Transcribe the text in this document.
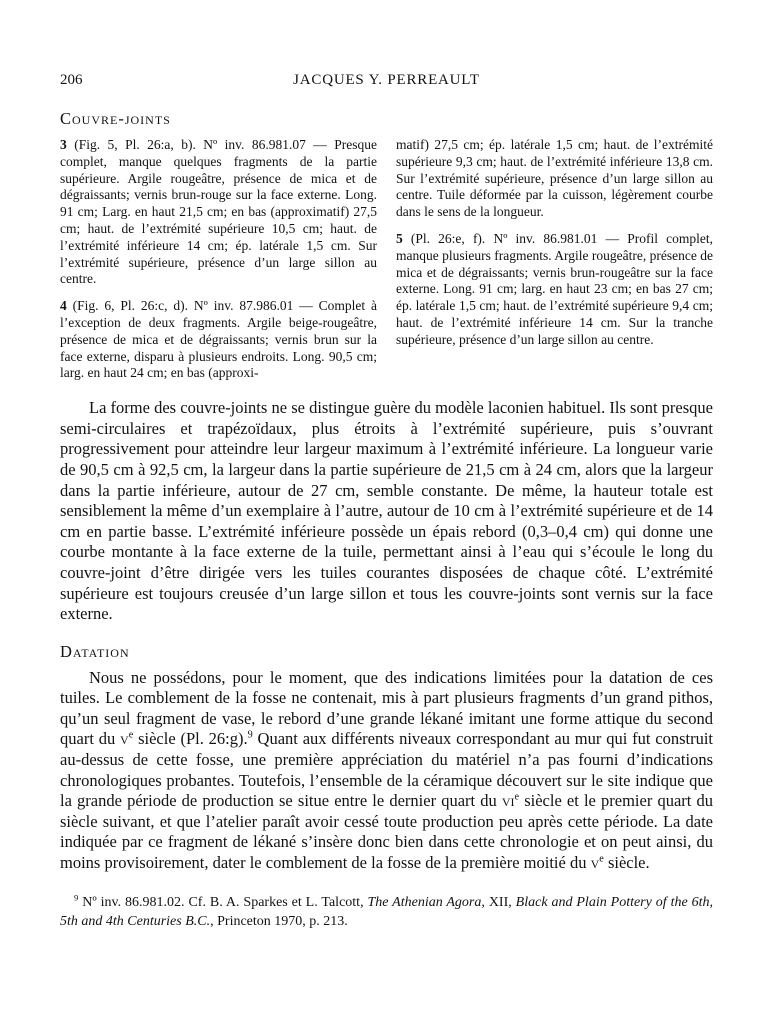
206	JACQUES Y. PERREAULT
Couvre-joints

3 (Fig. 5, Pl. 26:a, b). Nº inv. 86.981.07 — Presque complet, manque quelques fragments de la partie supérieure. Argile rougeâtre, présence de mica et de dégraissants; vernis brun-rouge sur la face externe. Long. 91 cm; Larg. en haut 21,5 cm; en bas (approximatif) 27,5 cm; haut. de l’extrémité supérieure 10,5 cm; haut. de l’extrémité inférieure 14 cm; ép. latérale 1,5 cm. Sur l’extrémité supérieure, présence d’un large sillon au centre.

4 (Fig. 6, Pl. 26:c, d). Nº inv. 87.986.01 — Complet à l’exception de deux fragments. Argile beige-rougeâtre, présence de mica et de dégraissants; vernis brun sur la face externe, disparu à plusieurs endroits. Long. 90,5 cm; larg. en haut 24 cm; en bas (approxi-

matif) 27,5 cm; ép. latérale 1,5 cm; haut. de l’extrémité supérieure 9,3 cm; haut. de l’extrémité inférieure 13,8 cm. Sur l’extrémité supérieure, présence d’un large sillon au centre. Tuile déformée par la cuisson, légèrement courbe dans le sens de la longueur.

5 (Pl. 26:e, f). Nº inv. 86.981.01 — Profil complet, manque plusieurs fragments. Argile rougeâtre, présence de mica et de dégraissants; vernis brun-rougeâtre sur la face externe. Long. 91 cm; larg. en haut 23 cm; en bas 27 cm; ép. latérale 1,5 cm; haut. de l’extrémité supérieure 9,4 cm; haut. de l’extrémité inférieure 14 cm. Sur la tranche supérieure, présence d’un large sillon au centre.

La forme des couvre-joints ne se distingue guère du modèle laconien habituel. Ils sont presque semi-circulaires et trapézoïdaux, plus étroits à l’extrémité supérieure, puis s’ouvrant progressivement pour atteindre leur largeur maximum à l’extrémité inférieure. La longueur varie de 90,5 cm à 92,5 cm, la largeur dans la partie supérieure de 21,5 cm à 24 cm, alors que la largeur dans la partie inférieure, autour de 27 cm, semble constante. De même, la hauteur totale est sensiblement la même d’un exemplaire à l’autre, autour de 10 cm à l’extrémité supérieure et de 14 cm en partie basse. L’extrémité inférieure possède un épais rebord (0,3–0,4 cm) qui donne une courbe montante à la face externe de la tuile, permettant ainsi à l’eau qui s’écoule le long du couvre-joint d’être dirigée vers les tuiles courantes disposées de chaque côté. L’extrémité supérieure est toujours creusée d’un large sillon et tous les couvre-joints sont vernis sur la face externe.

Datation

Nous ne possédons, pour le moment, que des indications limitées pour la datation de ces tuiles. Le comblement de la fosse ne contenait, mis à part plusieurs fragments d’un grand pithos, qu’un seul fragment de vase, le rebord d’une grande lékané imitant une forme attique du second quart du $v^e$ siècle (Pl. 26:g).$^9$ Quant aux différents niveaux correspondant au mur qui fut construit au-dessus de cette fosse, une première appréciation du matériel n’a pas fourni d’indications chronologiques probantes. Toutefois, l’ensemble de la céramique découvert sur le site indique que la grande période de production se situe entre le dernier quart du $vi^e$ siècle et le premier quart du siècle suivant, et que l’atelier paraît avoir cessé toute production peu après cette période. La date indiquée par ce fragment de lékané s’insère donc bien dans cette chronologie et on peut ainsi, du moins provisoirement, dater le comblement de la fosse de la première moitié du $v^e$ siècle.

$^9$ Nº inv. 86.981.02. Cf. B. A. Sparkes et L. Talcott, The Athenian Agora, XII, Black and Plain Pottery of the 6th, 5th and 4th Centuries B.C., Princeton 1970, p. 213.
